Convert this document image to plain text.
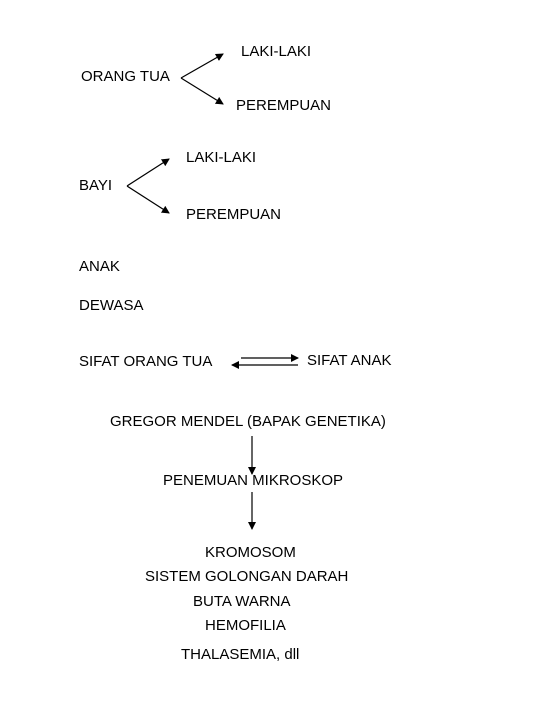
LAKI-LAKI
ORANG TUA
PEREMPUAN
LAKI-LAKI
BAYI
PEREMPUAN
ANAK
DEWASA
SIFAT ORANG TUA	SIFAT ANAK
GREGOR MENDEL (BAPAK GENETIKA)
PENEMUAN MIKROSKOP
KROMOSOM
SISTEM GOLONGAN DARAH
BUTA WARNA
HEMOFILIA
THALASEMIA, dll
